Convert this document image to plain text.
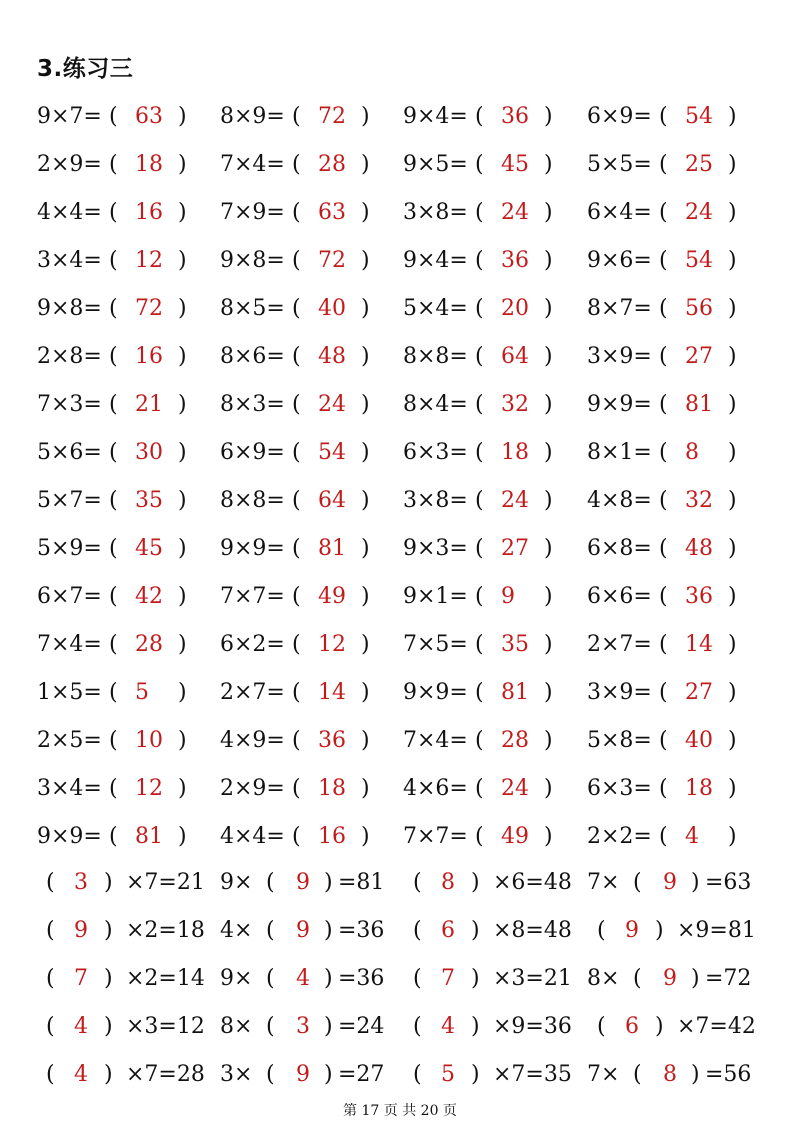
3.练习三
9×7= ( 63 ) 8×9= ( 72 ) 9×4= ( 36 ) 6×9= ( 54 )
2×9= ( 18 ) 7×4= ( 28 ) 9×5= ( 45 ) 5×5= ( 25 )
4×4= ( 16 ) 7×9= ( 63 ) 3×8= ( 24 ) 6×4= ( 24 )
3×4= ( 12 ) 9×8= ( 72 ) 9×4= ( 36 ) 9×6= ( 54 )
9×8= ( 72 ) 8×5= ( 40 ) 5×4= ( 20 ) 8×7= ( 56 )
2×8= ( 16 ) 8×6= ( 48 ) 8×8= ( 64 ) 3×9= ( 27 )
7×3= ( 21 ) 8×3= ( 24 ) 8×4= ( 32 ) 9×9= ( 81 )
5×6= ( 30 ) 6×9= ( 54 ) 6×3= ( 18 ) 8×1= ( 8 )
5×7= ( 35 ) 8×8= ( 64 ) 3×8= ( 24 ) 4×8= ( 32 )
5×9= ( 45 ) 9×9= ( 81 ) 9×3= ( 27 ) 6×8= ( 48 )
6×7= ( 42 ) 7×7= ( 49 ) 9×1= ( 9 ) 6×6= ( 36 )
7×4= ( 28 ) 6×2= ( 12 ) 7×5= ( 35 ) 2×7= ( 14 )
1×5= ( 5 ) 2×7= ( 14 ) 9×9= ( 81 ) 3×9= ( 27 )
2×5= ( 10 ) 4×9= ( 36 ) 7×4= ( 28 ) 5×8= ( 40 )
3×4= ( 12 ) 2×9= ( 18 ) 4×6= ( 24 ) 6×3= ( 18 )
9×9= ( 81 ) 4×4= ( 16 ) 7×7= ( 49 ) 2×2= ( 4 )
( 3 ) ×7=21 9× ( 9 ) =81 ( 8 ) ×6=48 7× ( 9 ) =63
( 9 ) ×2=18 4× ( 9 ) =36 ( 6 ) ×8=48 ( 9 ) ×9=81
( 7 ) ×2=14 9× ( 4 ) =36 ( 7 ) ×3=21 8× ( 9 ) =72
( 4 ) ×3=12 8× ( 3 ) =24 ( 4 ) ×9=36 ( 6 ) ×7=42
( 4 ) ×7=28 3× ( 9 ) =27 ( 5 ) ×7=35 7× ( 8 ) =56
第 17 页 共 20 页
